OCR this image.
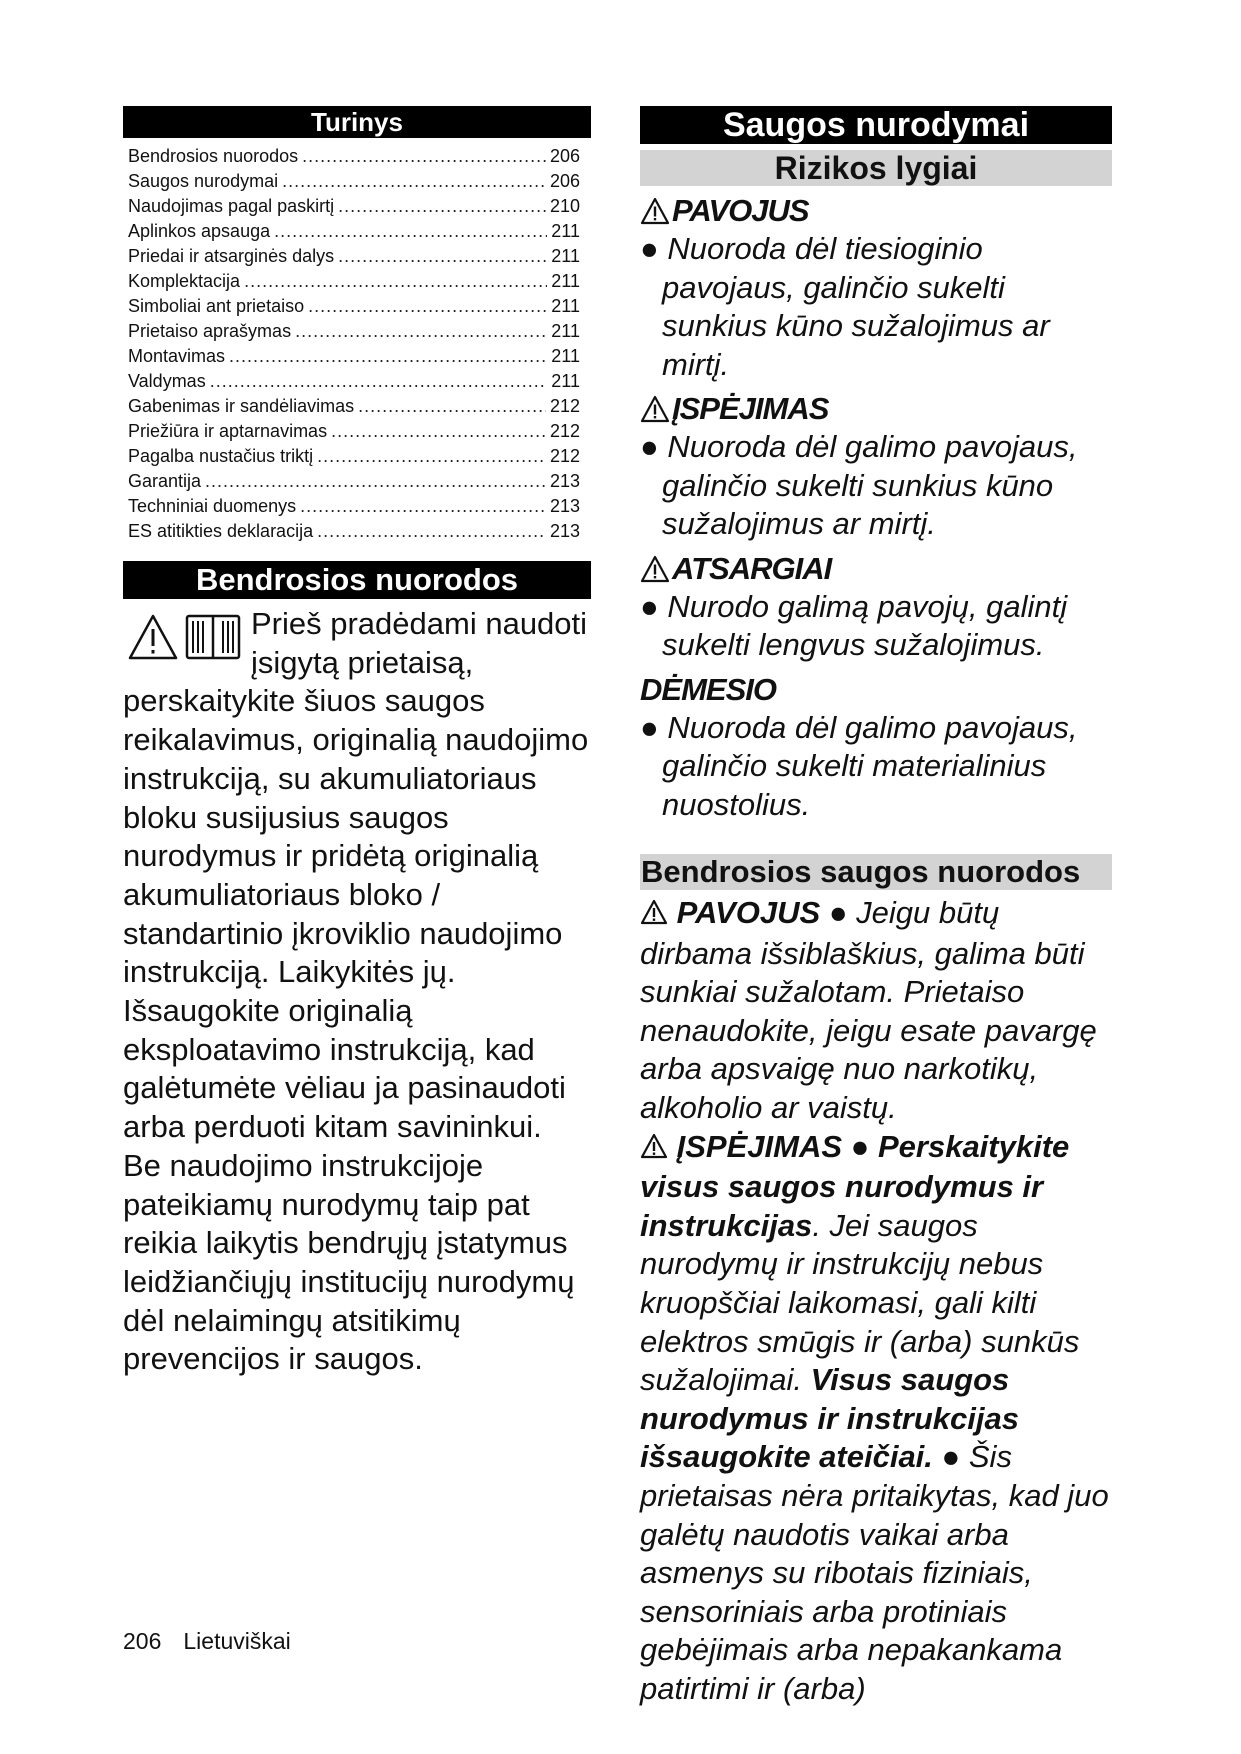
Turinys
Bendrosios nuorodos .....	206
Saugos nurodymai .....	206
Naudojimas pagal paskirtį .....	210
Aplinkos apsauga .....	211
Priedai ir atsarginės dalys .....	211
Komplektacija .....	211
Simboliai ant prietaiso .....	211
Prietaiso aprašymas .....	211
Montavimas .....	211
Valdymas .....	211
Gabenimas ir sandėliavimas .....	212
Priežiūra ir aptarnavimas .....	212
Pagalba nustačius triktį .....	212
Garantija .....	213
Techniniai duomenys .....	213
ES atitikties deklaracija .....	213
Bendrosios nuorodos

Prieš pradėdami naudoti įsigytą prietaisą, perskaitykite šiuos saugos reikalavimus, originalią naudojimo instrukciją, su akumuliatoriaus bloku susijusius saugos nurodymus ir pridėtą originalią akumuliatoriaus bloko / standartinio įkroviklio naudojimo instrukciją. Laikykitės jų. Išsaugokite originalią eksploatavimo instrukciją, kad galėtumėte vėliau ja pasinaudoti arba perduoti kitam savininkui.

Be naudojimo instrukcijoje pateikiamų nurodymų taip pat reikia laikytis bendrųjų įstatymus leidžiančiųjų institucijų nurodymų dėl nelaimingų atsitikimų prevencijos ir saugos.

Saugos nurodymai
Rizikos lygiai
PAVOJUS

● Nuoroda dėl tiesioginio pavojaus, galinčio sukelti sunkius kūno sužalojimus ar mirtį.

ĮSPĖJIMAS

● Nuoroda dėl galimo pavojaus, galinčio sukelti sunkius kūno sužalojimus ar mirtį.

ATSARGIAI

● Nurodo galimą pavojų, galintį sukelti lengvus sužalojimus.

DĖMESIO

● Nuoroda dėl galimo pavojaus, galinčio sukelti materialinius nuostolius.

Bendrosios saugos nuorodos

PAVOJUS ● Jeigu būtų dirbama išsiblaškius, galima būti sunkiai sužalotam. Prietaiso nenaudokite, jeigu esate pavargę arba apsvaigę nuo narkotikų, alkoholio ar vaistų.
ĮSPĖJIMAS ● Perskaitykite visus saugos nurodymus ir instrukcijas. Jei saugos nurodymų ir instrukcijų nebus kruopščiai laikomasi, gali kilti elektros smūgis ir (arba) sunkūs sužalojimai. Visus saugos nurodymus ir instrukcijas išsaugokite ateičiai. ● Šis prietaisas nėra pritaikytas, kad juo galėtų naudotis vaikai arba asmenys su ribotais fiziniais, sensoriniais arba protiniais gebėjimais arba nepakankama patirtimi ir (arba)

206 Lietuviškai
